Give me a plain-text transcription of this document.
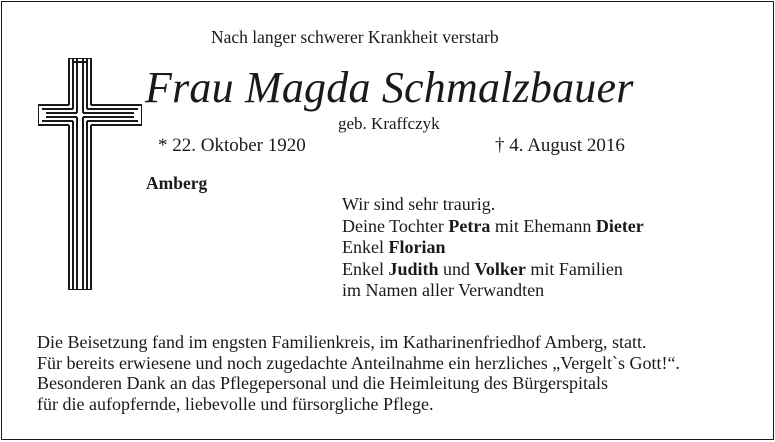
Nach langer schwerer Krankheit verstarb
Frau Magda Schmalzbauer
geb. Kraffczyk
* 22. Oktober 1920	† 4. August 2016
Amberg
Wir sind sehr traurig.
Deine Tochter Petra mit Ehemann Dieter
Enkel Florian
Enkel Judith und Volker mit Familien
im Namen aller Verwandten
Die Beisetzung fand im engsten Familienkreis, im Katharinenfriedhof Amberg, statt.
Für bereits erwiesene und noch zugedachte Anteilnahme ein herzliches „Vergelt`s Gott!“.
Besonderen Dank an das Pflegepersonal und die Heimleitung des Bürgerspitals
für die aufopfernde, liebevolle und fürsorgliche Pflege.
